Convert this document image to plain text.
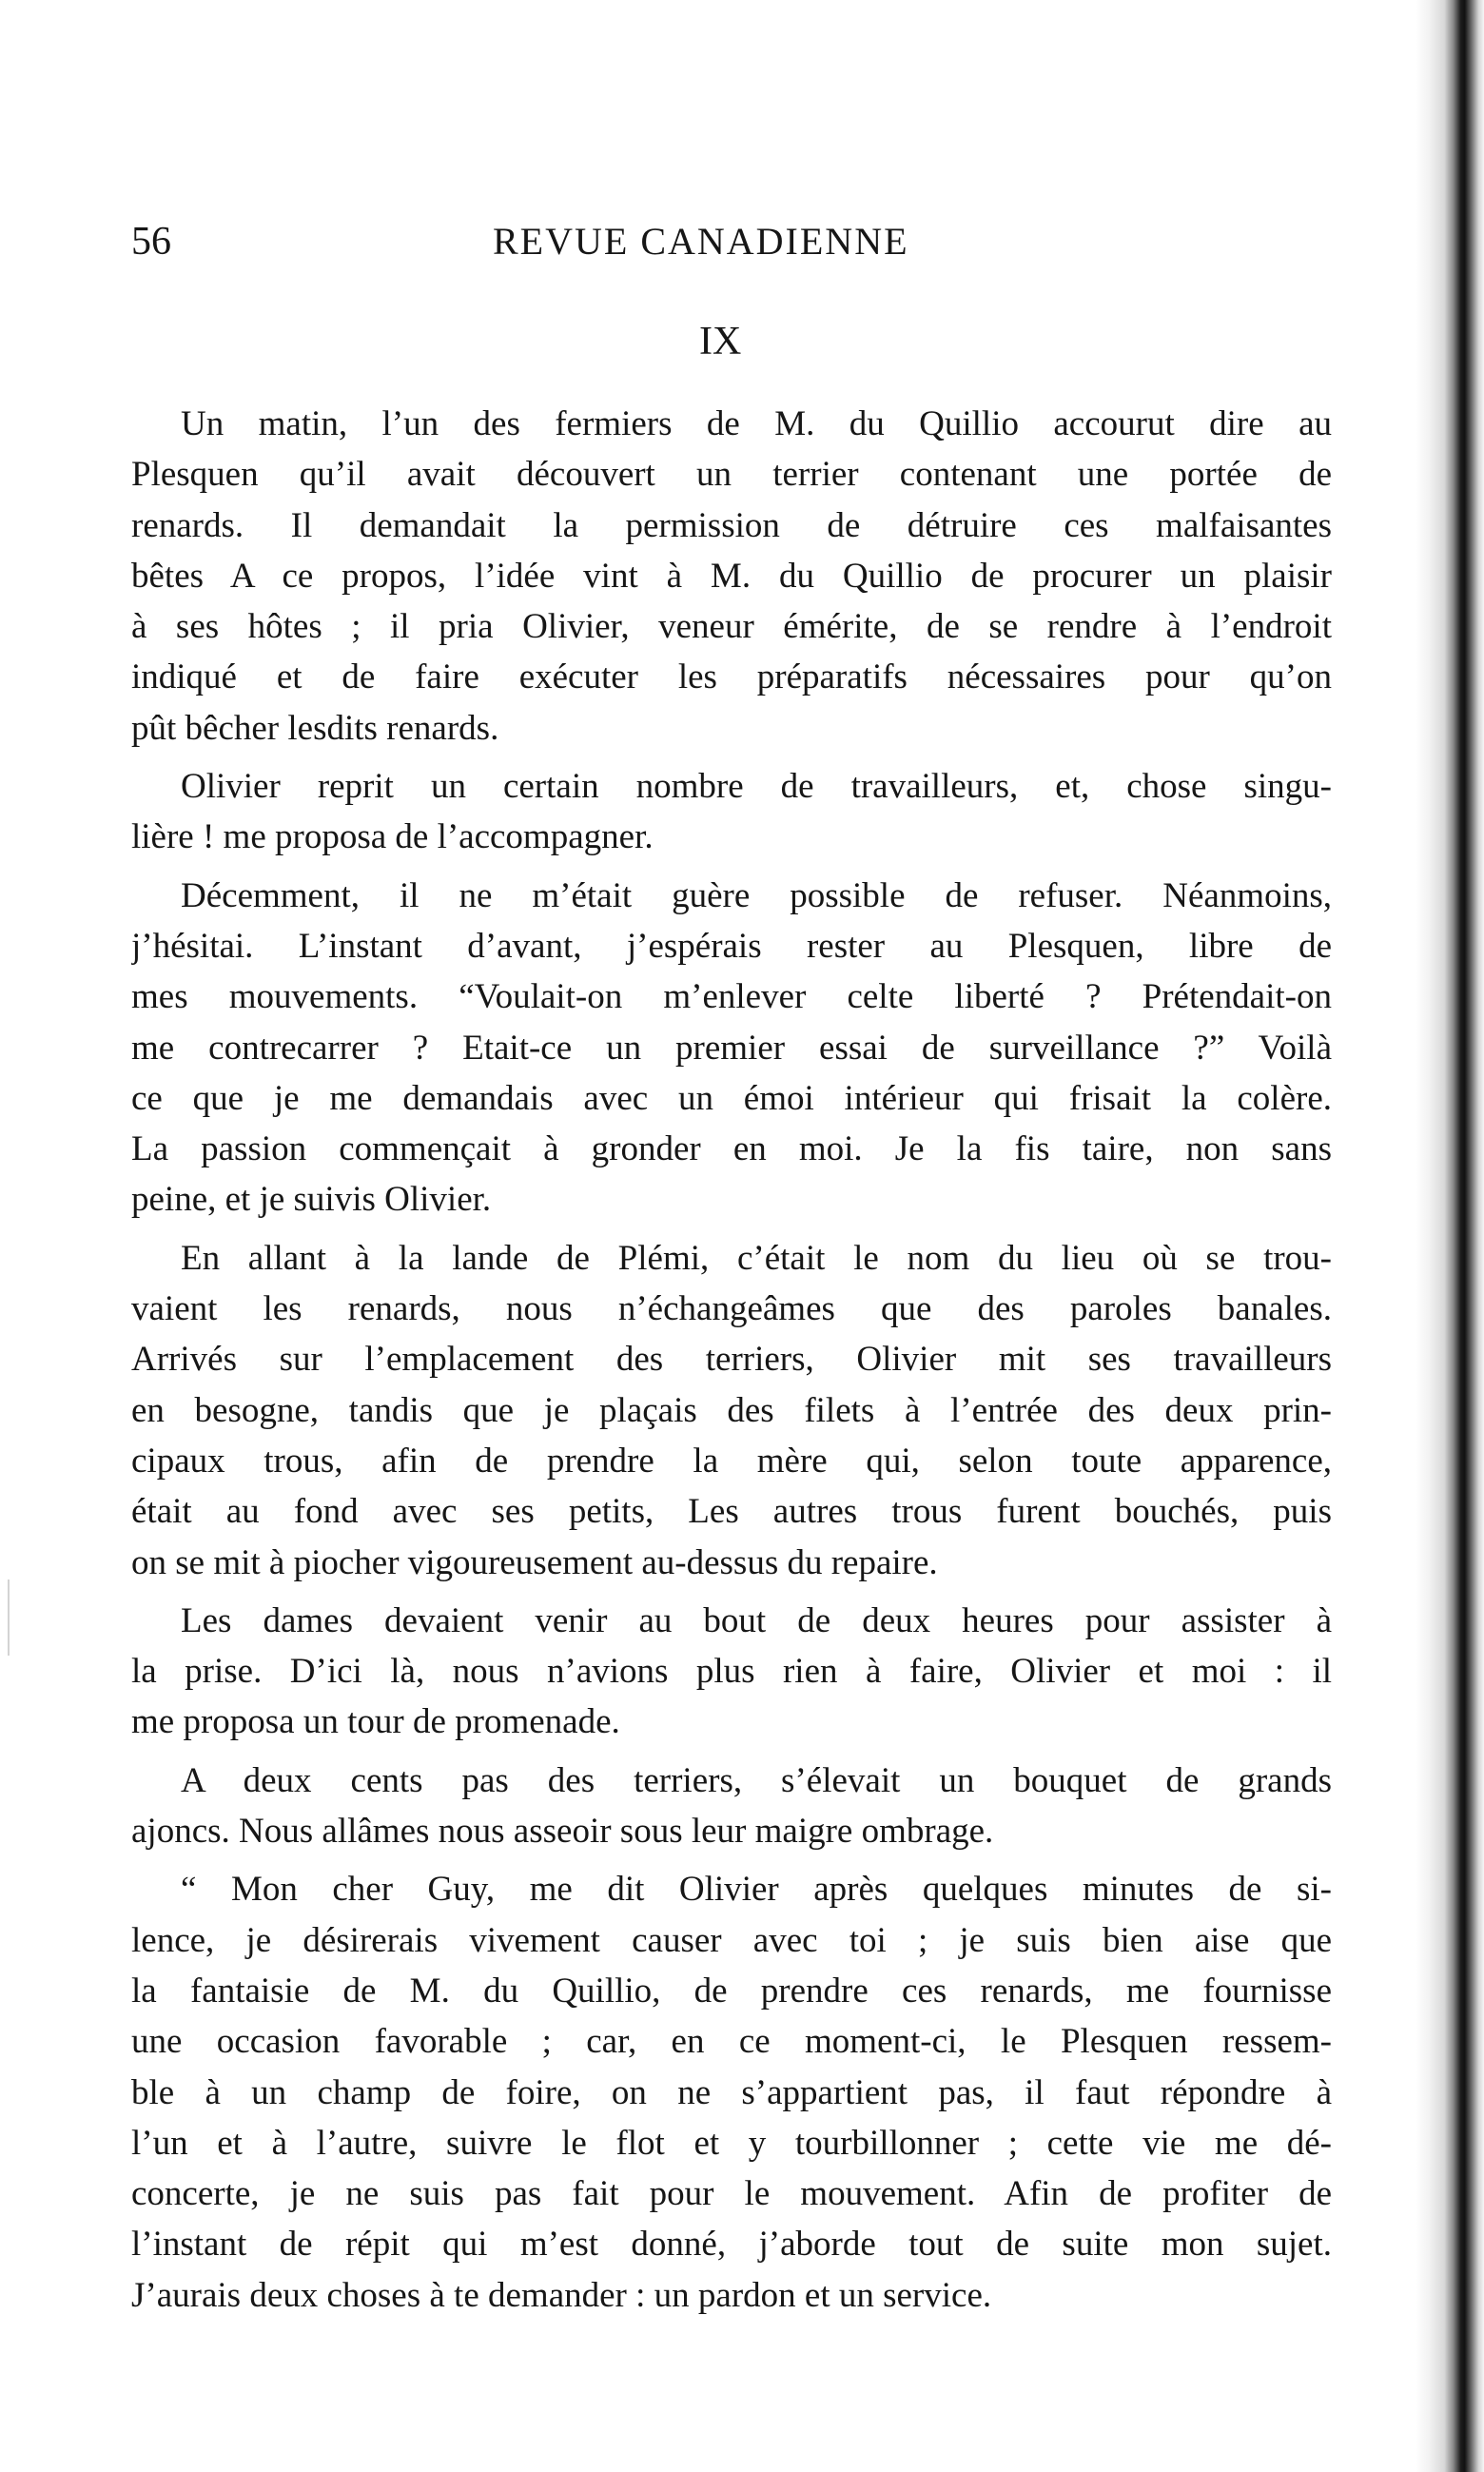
56	REVUE CANADIENNE
IX
Un matin, l’un des fermiers de M. du Quillio accourut dire au
Plesquen qu’il avait découvert un terrier contenant une portée de
renards. Il demandait la permission de détruire ces malfaisantes
bêtes A ce propos, l’idée vint à M. du Quillio de procurer un plaisir
à ses hôtes ; il pria Olivier, veneur émérite, de se rendre à l’endroit
indiqué et de faire exécuter les préparatifs nécessaires pour qu’on
pût bêcher lesdits renards.
Olivier reprit un certain nombre de travailleurs, et, chose singu-
lière ! me proposa de l’accompagner.
Décemment, il ne m’était guère possible de refuser. Néanmoins,
j’hésitai. L’instant d’avant, j’espérais rester au Plesquen, libre de
mes mouvements. “Voulait-on m’enlever celte liberté ? Prétendait-on
me contrecarrer ? Etait-ce un premier essai de surveillance ?” Voilà
ce que je me demandais avec un émoi intérieur qui frisait la colère.
La passion commençait à gronder en moi. Je la fis taire, non sans
peine, et je suivis Olivier.
En allant à la lande de Plémi, c’était le nom du lieu où se trou-
vaient les renards, nous n’échangeâmes que des paroles banales.
Arrivés sur l’emplacement des terriers, Olivier mit ses travailleurs
en besogne, tandis que je plaçais des filets à l’entrée des deux prin-
cipaux trous, afin de prendre la mère qui, selon toute apparence,
était au fond avec ses petits, Les autres trous furent bouchés, puis
on se mit à piocher vigoureusement au-dessus du repaire.
Les dames devaient venir au bout de deux heures pour assister à
la prise. D’ici là, nous n’avions plus rien à faire, Olivier et moi : il
me proposa un tour de promenade.
A deux cents pas des terriers, s’élevait un bouquet de grands
ajoncs. Nous allâmes nous asseoir sous leur maigre ombrage.
“ Mon cher Guy, me dit Olivier après quelques minutes de si-
lence, je désirerais vivement causer avec toi ; je suis bien aise que
la fantaisie de M. du Quillio, de prendre ces renards, me fournisse
une occasion favorable ; car, en ce moment-ci, le Plesquen ressem-
ble à un champ de foire, on ne s’appartient pas, il faut répondre à
l’un et à l’autre, suivre le flot et y tourbillonner ; cette vie me dé-
concerte, je ne suis pas fait pour le mouvement. Afin de profiter de
l’instant de répit qui m’est donné, j’aborde tout de suite mon sujet.
J’aurais deux choses à te demander : un pardon et un service.
